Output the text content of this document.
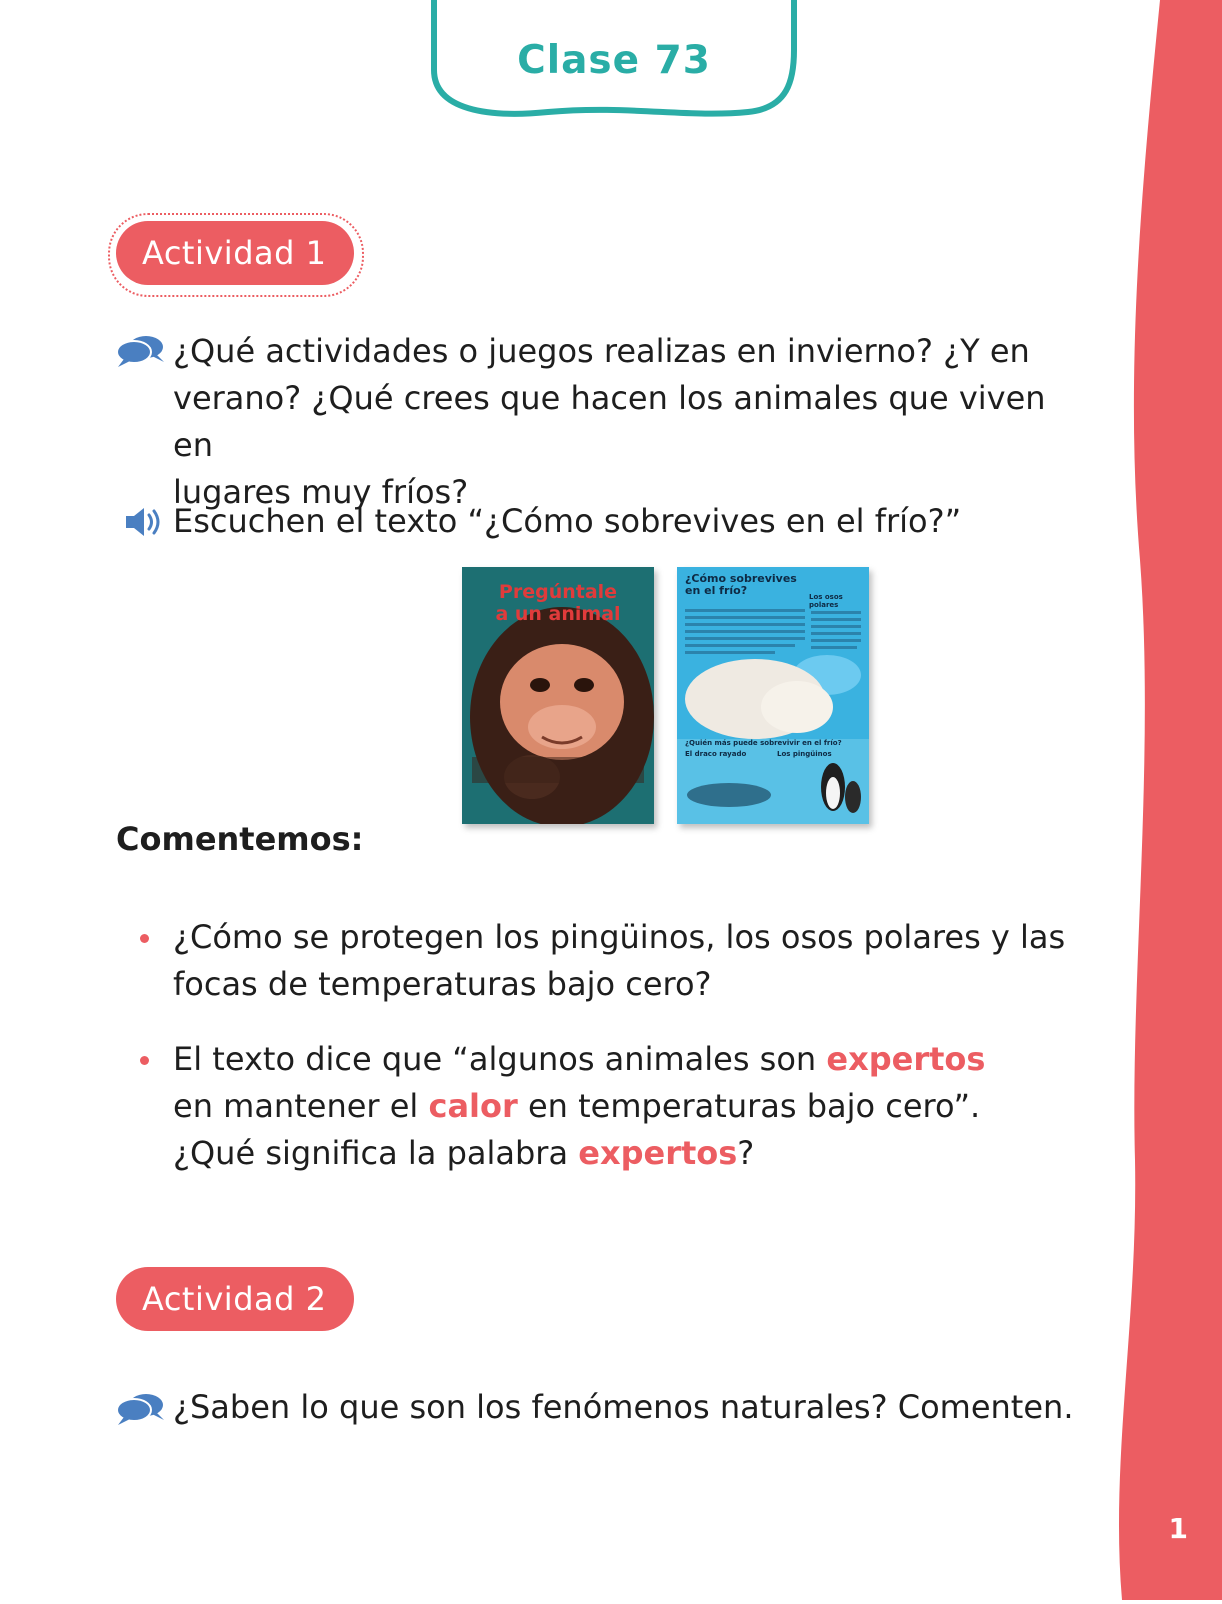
1
Clase 73
Actividad 1
¿Qué actividades o juegos realizas en invierno? ¿Y en
verano? ¿Qué crees que hacen los animales que viven en
lugares muy fríos?
Escuchen el texto “¿Cómo sobrevives en el frío?”
Pregúntale
a un animal
¿Cómo sobrevives
en el frío?	Los osos
polares
¿Quién más puede sobrevivir en el frío?
El draco rayado	Los pingüinos
Comentemos:
¿Cómo se protegen los pingüinos, los osos polares y las
focas de temperaturas bajo cero?
El texto dice que “algunos animales son expertos
en mantener el calor en temperaturas bajo cero”.
¿Qué significa la palabra expertos?
Actividad 2
¿Saben lo que son los fenómenos naturales? Comenten.
